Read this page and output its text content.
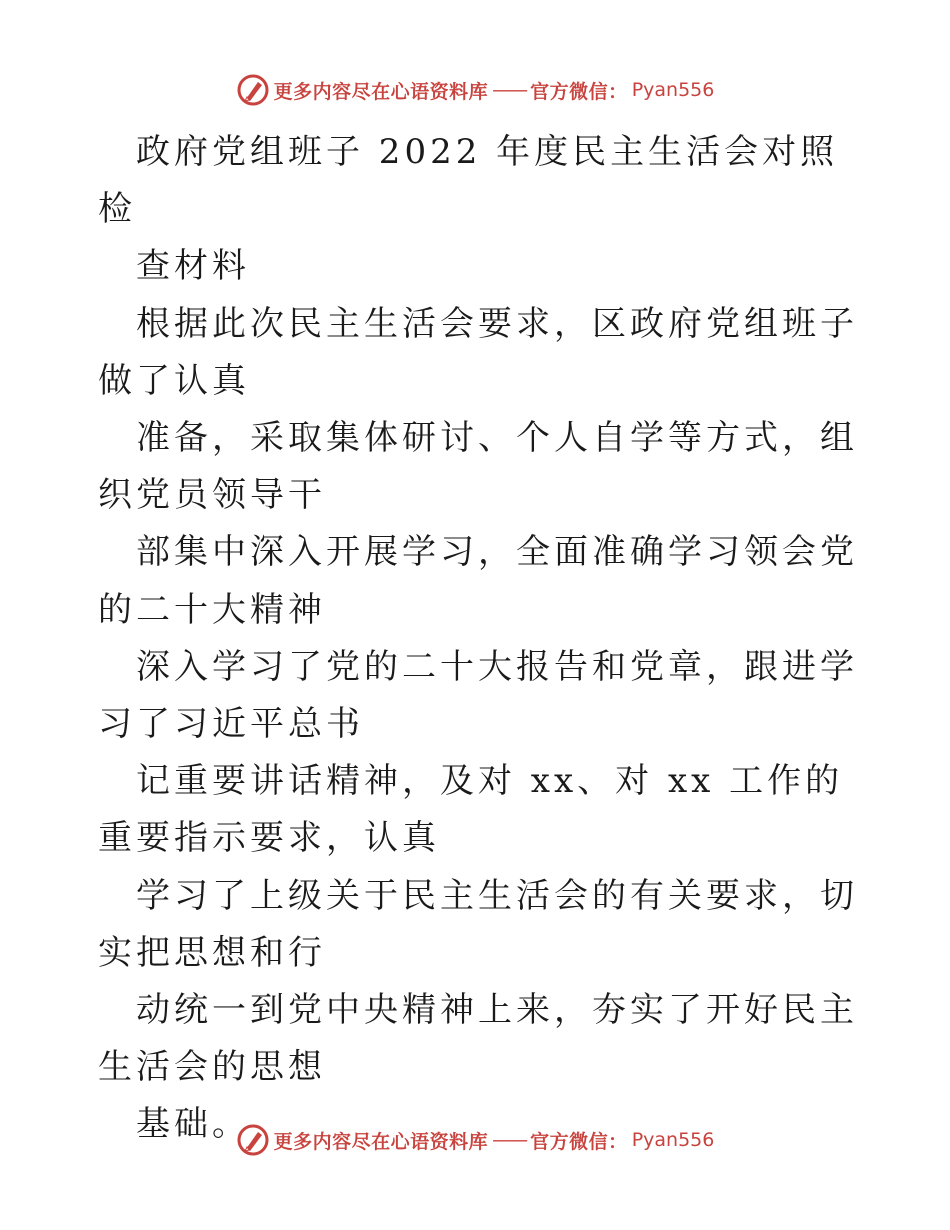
更多内容尽在心语资料库 —— 官方微信： Pyan556

政府党组班子 2022 年度民主生活会对照检

查材料

根据此次民主生活会要求，区政府党组班子做了认真

准备，采取集体研讨、个人自学等方式，组织党员领导干

部集中深入开展学习，全面准确学习领会党的二十大精神

深入学习了党的二十大报告和党章，跟进学习了习近平总书

记重要讲话精神，及对 xx、对 xx 工作的重要指示要求，认真

学习了上级关于民主生活会的有关要求，切实把思想和行

动统一到党中央精神上来，夯实了开好民主生活会的思想

基础。	更多内容尽在心语资料库 —— 官方微信： Pyan556
